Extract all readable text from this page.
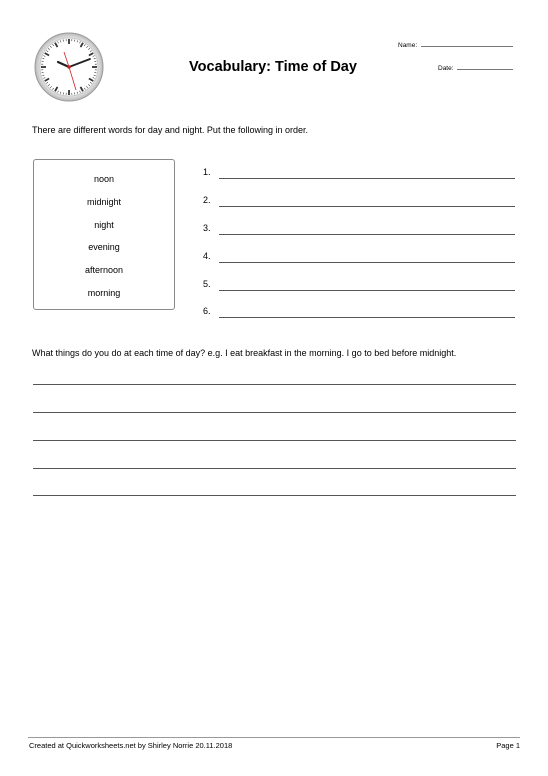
Vocabulary: Time of Day
Name:
Date:
There are different words for day and night. Put the following in order.
noon
midnight
night
evening
afternoon
morning
1.
2.
3.
4.
5.
6.
What things do you do at each time of day? e.g. I eat breakfast in the morning. I go to bed before midnight.
Created at Quickworksheets.net by Shirley Norrie 20.11.2018	Page 1
